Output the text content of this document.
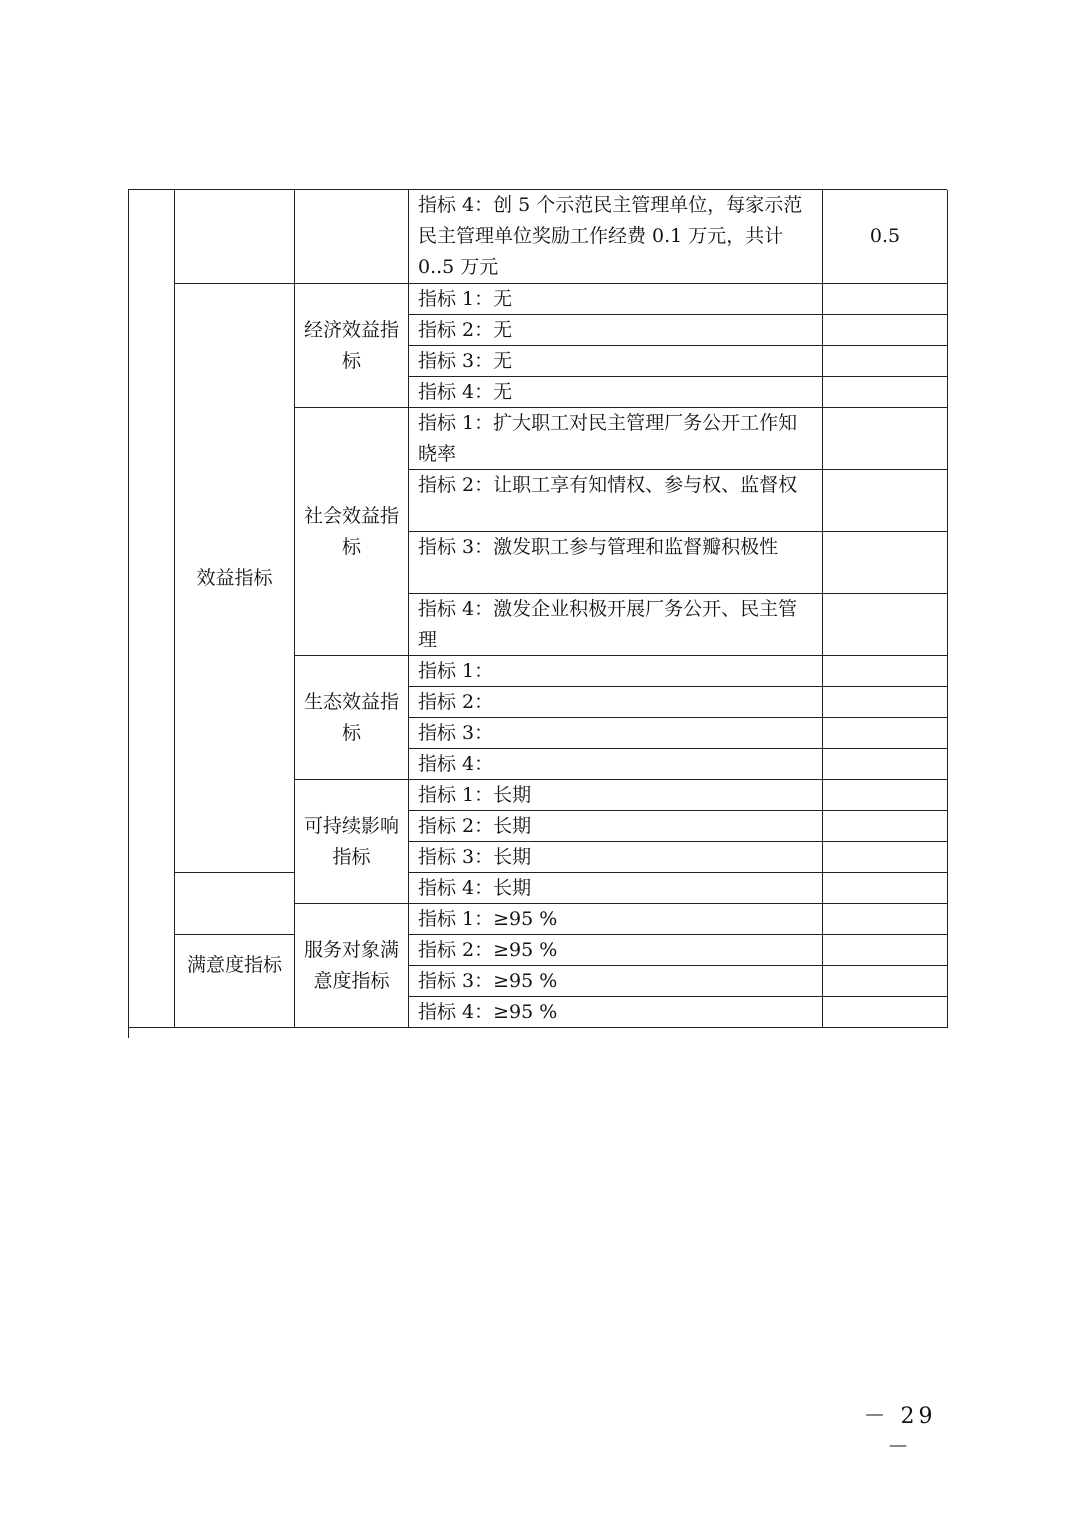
指标 4：创 5 个示范民主管理单位，每家示范民主管理单位奖励工作经费 0.1 万元，共计 0..5 万元
0.5
效益指标
经济效益指标
指标 1：无
指标 2：无
指标 3：无
指标 4：无
社会效益指标
指标 1：扩大职工对民主管理厂务公开工作知晓率
指标 2：让职工享有知情权、参与权、监督权
指标 3：激发职工参与管理和监督瓣积极性
指标 4：激发企业积极开展厂务公开、民主管理
生态效益指标
指标 1：
指标 2：
指标 3：
指标 4：
可持续影响指标
指标 1：长期
指标 2：长期
指标 3：长期
指标 4：长期
满意度指标
服务对象满意度指标
指标 1：≥95 %
指标 2：≥95 %
指标 3：≥95 %
指标 4：≥95 %
－ 29 －
